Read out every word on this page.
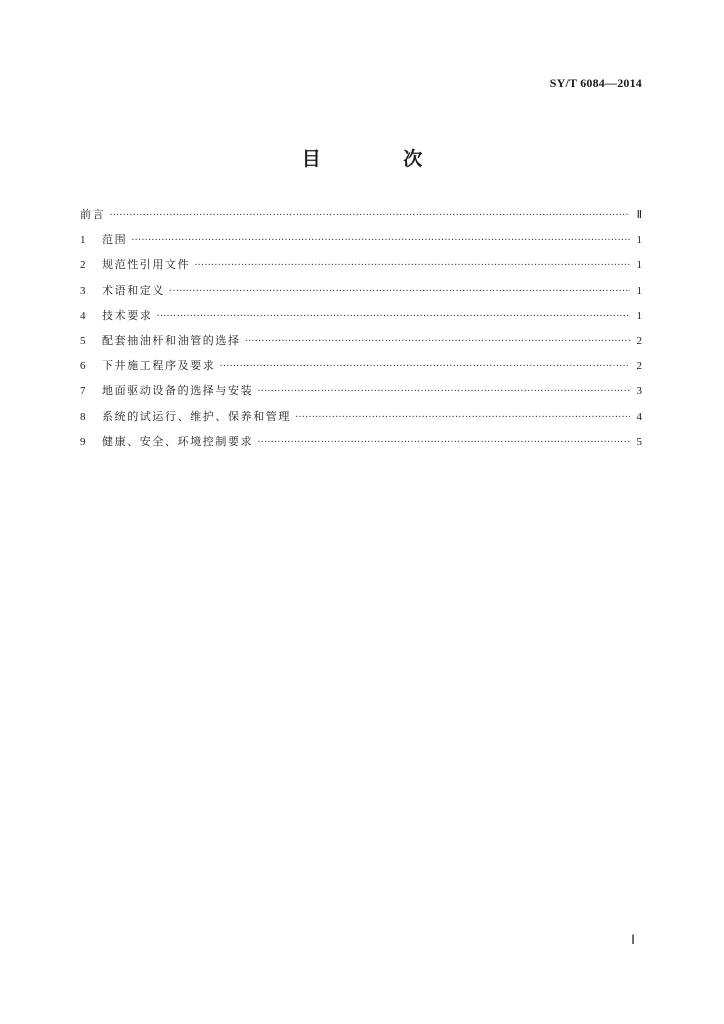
SY/T 6084—2014
目 次
前言 ·····	Ⅱ
1	范围 ·····	1
2	规范性引用文件 ·····	1
3	术语和定义 ·····	1
4	技术要求 ·····	1
5	配套抽油杆和油管的选择 ·····	2
6	下井施工程序及要求 ·····	2
7	地面驱动设备的选择与安装 ·····	3
8	系统的试运行、维护、保养和管理 ·····	4
9	健康、安全、环境控制要求 ·····	5
Ⅰ
